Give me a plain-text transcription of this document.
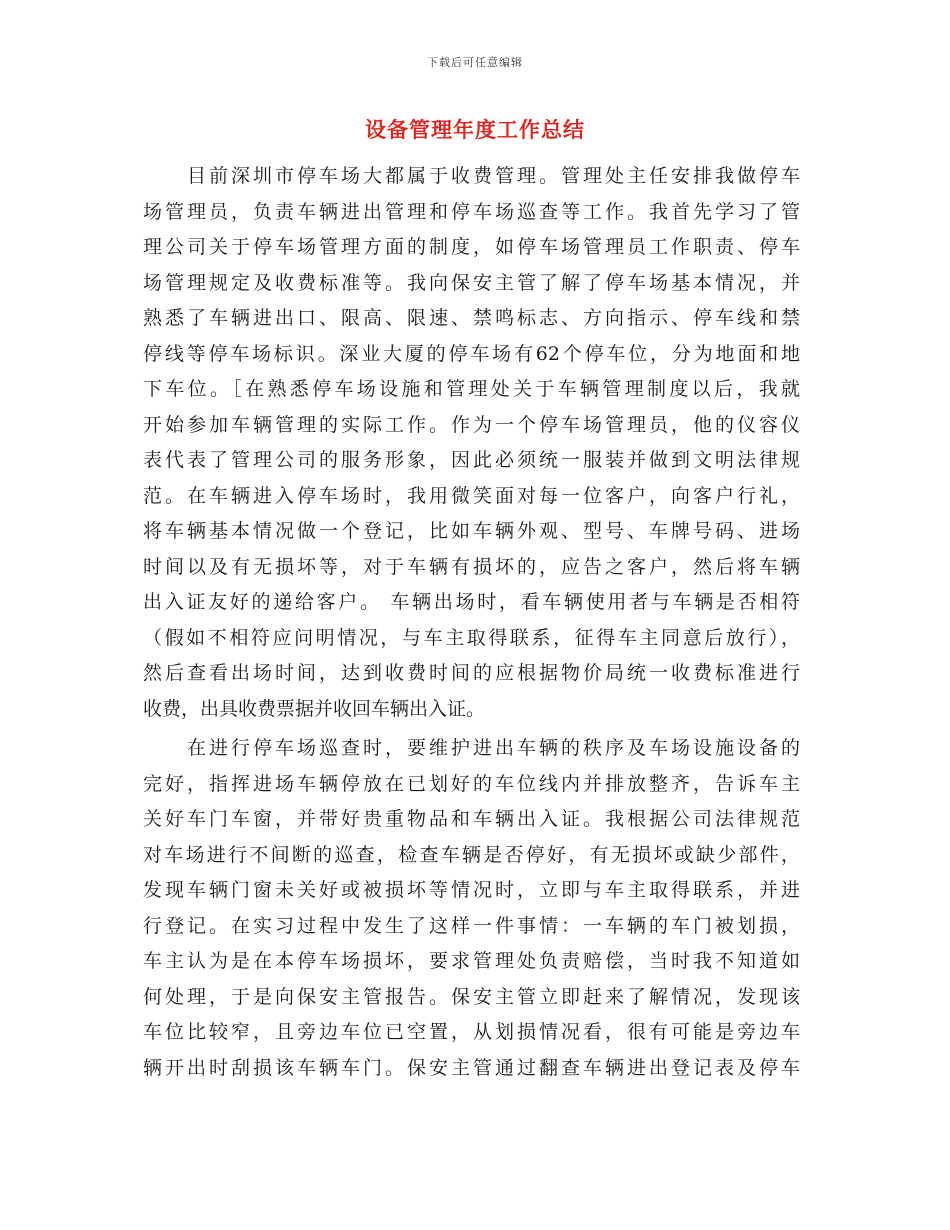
下载后可任意编辑
设备管理年度工作总结
　　目前深圳市停车场大都属于收费管理。管理处主任安排我做停车
场管理员，负责车辆进出管理和停车场巡查等工作。我首先学习了管
理公司关于停车场管理方面的制度，如停车场管理员工作职责、停车
场管理规定及收费标准等。我向保安主管了解了停车场基本情况，并
熟悉了车辆进出口、限高、限速、禁鸣标志、方向指示、停车线和禁
停线等停车场标识。深业大厦的停车场有62个停车位，分为地面和地
下车位。［在熟悉停车场设施和管理处关于车辆管理制度以后，我就
开始参加车辆管理的实际工作。作为一个停车场管理员，他的仪容仪
表代表了管理公司的服务形象，因此必须统一服装并做到文明法律规
范。在车辆进入停车场时，我用微笑面对每一位客户，向客户行礼，
将车辆基本情况做一个登记，比如车辆外观、型号、车牌号码、进场
时间以及有无损坏等，对于车辆有损坏的，应告之客户，然后将车辆
出入证友好的递给客户。 车辆出场时，看车辆使用者与车辆是否相符
（假如不相符应问明情况，与车主取得联系，征得车主同意后放行），
然后查看出场时间，达到收费时间的应根据物价局统一收费标准进行
收费，出具收费票据并收回车辆出入证。
　　在进行停车场巡查时，要维护进出车辆的秩序及车场设施设备的
完好，指挥进场车辆停放在已划好的车位线内并排放整齐，告诉车主
关好车门车窗，并带好贵重物品和车辆出入证。我根据公司法律规范
对车场进行不间断的巡查，检查车辆是否停好，有无损坏或缺少部件，
发现车辆门窗未关好或被损坏等情况时，立即与车主取得联系，并进
行登记。在实习过程中发生了这样一件事情：一车辆的车门被划损，
车主认为是在本停车场损坏，要求管理处负责赔偿，当时我不知道如
何处理，于是向保安主管报告。保安主管立即赶来了解情况，发现该
车位比较窄，且旁边车位已空置，从划损情况看，很有可能是旁边车
辆开出时刮损该车辆车门。保安主管通过翻查车辆进出登记表及停车
